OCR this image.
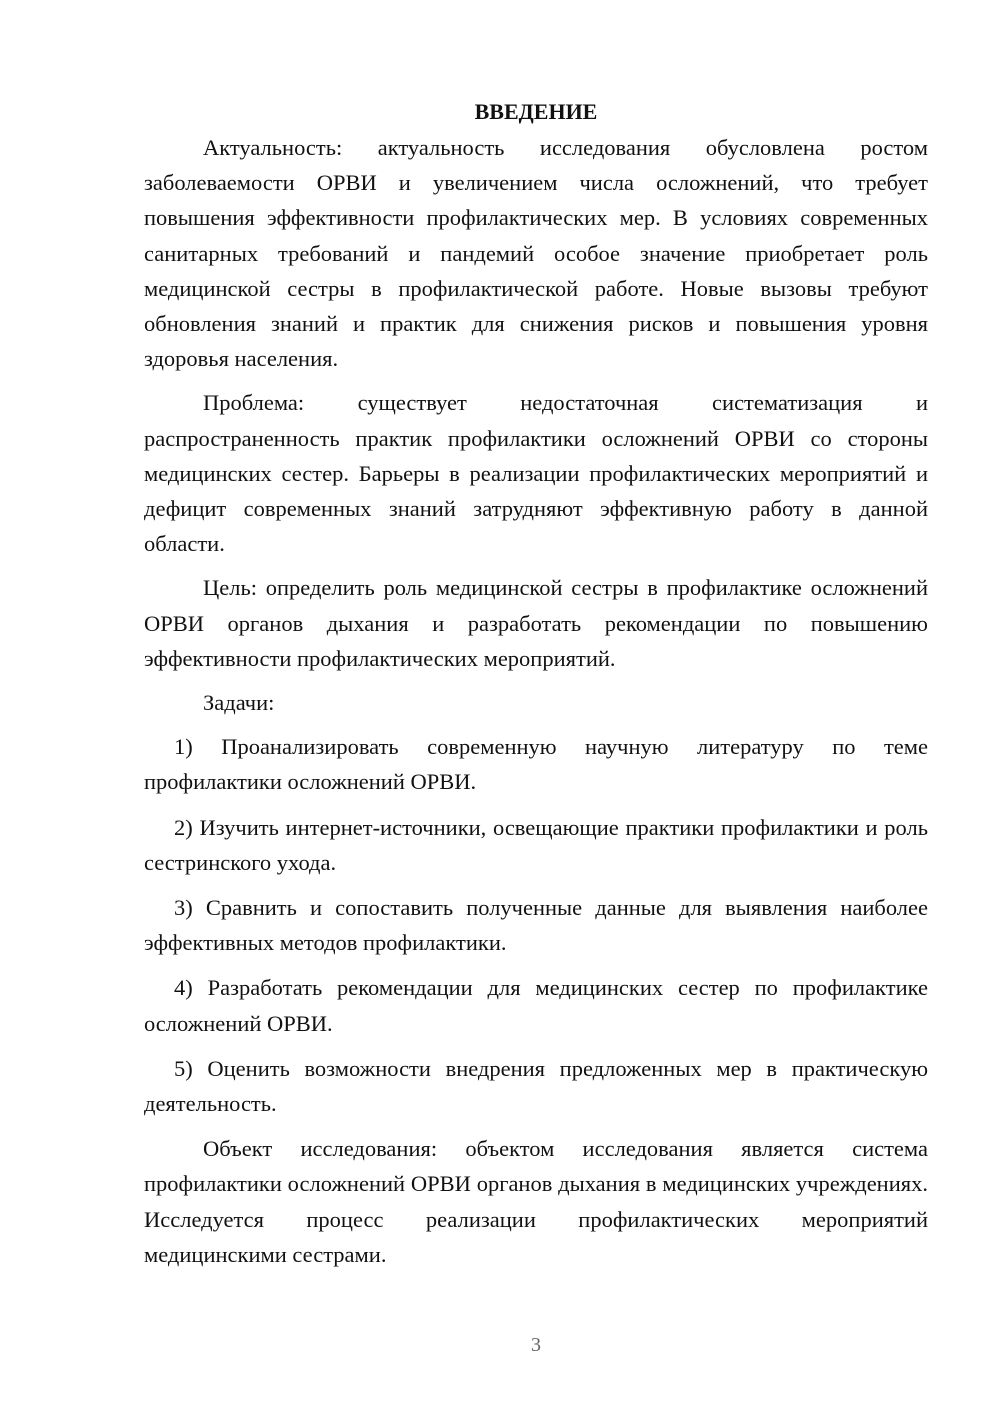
ВВЕДЕНИЕ

Актуальность: актуальность исследования обусловлена ростом заболеваемости ОРВИ и увеличением числа осложнений, что требует повышения эффективности профилактических мер. В условиях современных санитарных требований и пандемий особое значение приобретает роль медицинской сестры в профилактической работе. Новые вызовы требуют обновления знаний и практик для снижения рисков и повышения уровня здоровья населения.

Проблема: существует недостаточная систематизация и распространенность практик профилактики осложнений ОРВИ со стороны медицинских сестер. Барьеры в реализации профилактических мероприятий и дефицит современных знаний затрудняют эффективную работу в данной области.

Цель: определить роль медицинской сестры в профилактике осложнений ОРВИ органов дыхания и разработать рекомендации по повышению эффективности профилактических мероприятий.

Задачи:

1) Проанализировать современную научную литературу по теме профилактики осложнений ОРВИ.

2) Изучить интернет-источники, освещающие практики профилактики и роль сестринского ухода.

3) Сравнить и сопоставить полученные данные для выявления наиболее эффективных методов профилактики.

4) Разработать рекомендации для медицинских сестер по профилактике осложнений ОРВИ.

5) Оценить возможности внедрения предложенных мер в практическую деятельность.

Объект исследования: объектом исследования является система профилактики осложнений ОРВИ органов дыхания в медицинских учреждениях. Исследуется процесс реализации профилактических мероприятий медицинскими сестрами.

3
